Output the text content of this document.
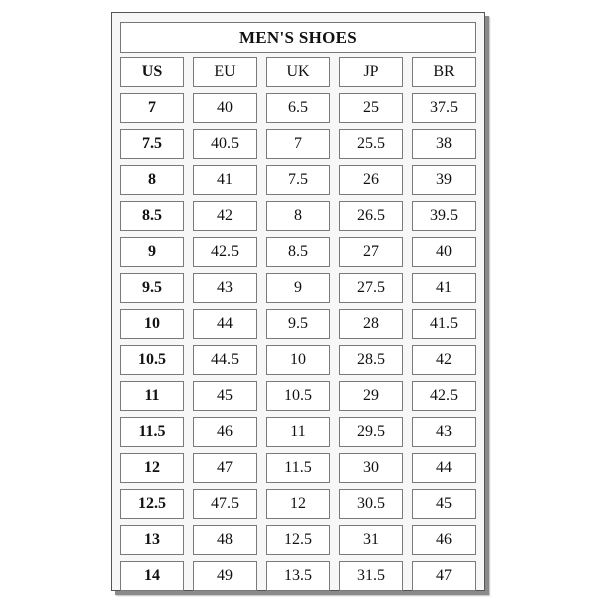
MEN'S SHOES
US	EU	UK	JP	BR
7	40	6.5	25	37.5
7.5	40.5	7	25.5	38
8	41	7.5	26	39
8.5	42	8	26.5	39.5
9	42.5	8.5	27	40
9.5	43	9	27.5	41
10	44	9.5	28	41.5
10.5	44.5	10	28.5	42
11	45	10.5	29	42.5
11.5	46	11	29.5	43
12	47	11.5	30	44
12.5	47.5	12	30.5	45
13	48	12.5	31	46
14	49	13.5	31.5	47
